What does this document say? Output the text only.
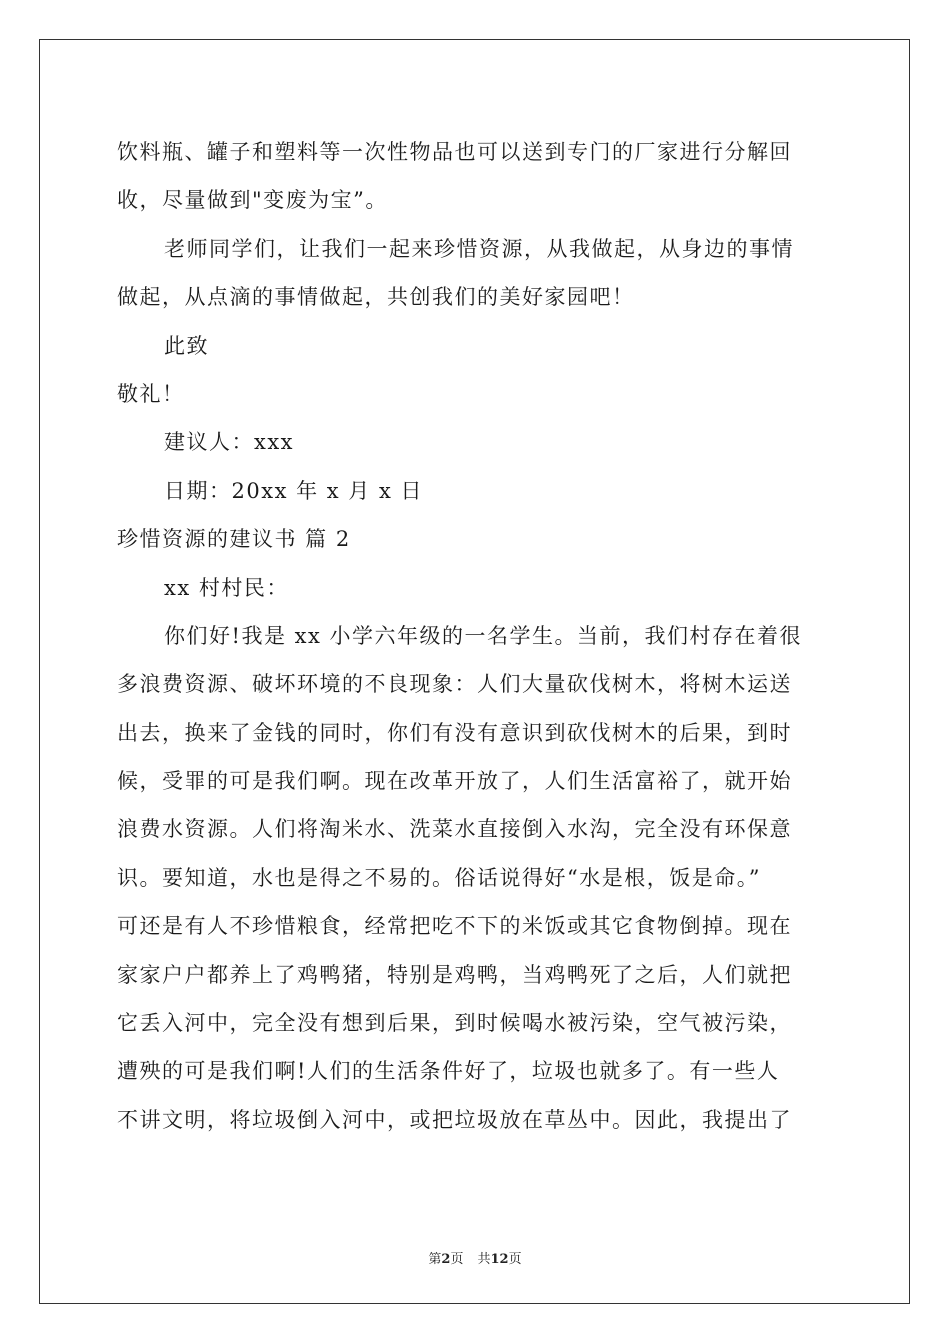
饮料瓶、罐子和塑料等一次性物品也可以送到专门的厂家进行分解回
收，尽量做到"变废为宝”。
老师同学们，让我们一起来珍惜资源，从我做起，从身边的事情
做起，从点滴的事情做起，共创我们的美好家园吧！
此致
敬礼！
建议人：xxx
日期：20xx 年 x 月 x 日
珍惜资源的建议书 篇 2
xx 村村民：
你们好!我是 xx 小学六年级的一名学生。当前，我们村存在着很
多浪费资源、破坏环境的不良现象：人们大量砍伐树木，将树木运送
出去，换来了金钱的同时，你们有没有意识到砍伐树木的后果，到时
候，受罪的可是我们啊。现在改革开放了，人们生活富裕了，就开始
浪费水资源。人们将淘米水、洗菜水直接倒入水沟，完全没有环保意
识。要知道，水也是得之不易的。俗话说得好“水是根，饭是命。”
可还是有人不珍惜粮食，经常把吃不下的米饭或其它食物倒掉。现在
家家户户都养上了鸡鸭猪，特别是鸡鸭，当鸡鸭死了之后，人们就把
它丢入河中，完全没有想到后果，到时候喝水被污染，空气被污染，
遭殃的可是我们啊!人们的生活条件好了，垃圾也就多了。有一些人
不讲文明，将垃圾倒入河中，或把垃圾放在草丛中。因此，我提出了
第2页 共12页
